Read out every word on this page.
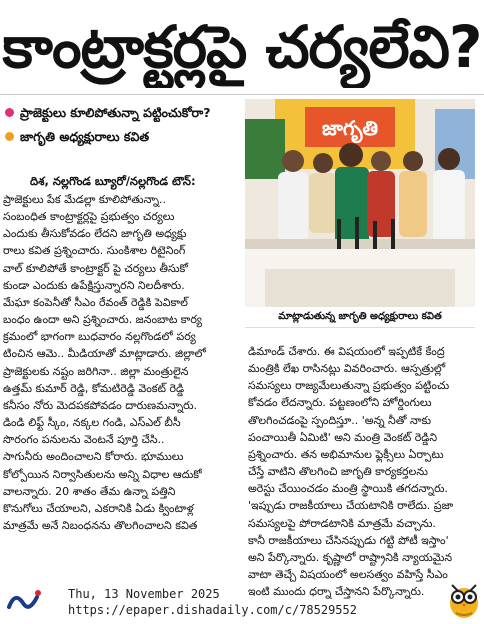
కాంట్రాక్టర్లపై చర్యలేవి?
ప్రాజెక్టులు కూలిపోతున్నా పట్టించుకోరా?
జాగృతి అధ్యక్షురాలు కవిత
దిశ, నల్లగొండ బ్యూరో/నల్లగొండ టౌన్:
ప్రాజెక్టులు పేక మేడల్లా కూలిపోతున్నా..
సంబంధిత కాంట్రాక్టర్లపై ప్రభుత్వం చర్యలు
ఎందుకు తీసుకోవడం లేదని జాగృతి అధ్యక్షు
రాలు కవిత ప్రశ్నించారు. సుంకిశాల రిటైనింగ్
వాల్ కూలిపోతే కాంట్రాక్టర్ పై చర్యలు తీసుకో
కుండా ఎందుకు ఉపేక్షిస్తున్నారని నిలదీశారు.
మేఘా కంపెనీతో సీఎం రేవంత్ రెడ్డికి పెవికాల్
బంధం ఉందా అని ప్రశ్నించారు. జనంబాట కార్య
క్రమంలో భాగంగా బుధవారం నల్లగొండలో పర్య
టించిన ఆమె.. మీడియాతో మాట్లాడారు. జిల్లాలో
ప్రాజెక్టులకు నష్టం జరిగినా.. జిల్లా మంత్రులైన
ఉత్తమ్ కుమార్ రెడ్డి, కోమటిరెడ్డి వెంకట్ రెడ్డి
కనీసం నోరు మెదపకపోవడం దారుణమన్నారు.
డిండి లిఫ్ట్ స్కీం, నక్కల గండి, ఎస్ఎల్ బీసీ
సొరంగం పనులను వెంటనే పూర్తి చేసి..
సాగునీరు అందించాలని కోరారు. భూములు
కోల్పోయిన నిర్వాసితులను అన్ని విధాల ఆదుకో
వాలన్నారు. 20 శాతం తేమ ఉన్నా పత్తిని
కొనుగోలు చేయాలని, ఎకరానికి ఏడు క్వింటాళ్ల
మాత్రమే అనే నిబంధనను తొలగించాలని కవిత
జాగృతి
మాట్లాడుతున్న జాగృతి అధ్యక్షురాలు కవిత
డిమాండ్ చేశారు. ఈ విషయంలో ఇప్పటికే కేంద్ర
మంత్రికి లేఖ రాసినట్లు వివరించారు. ఆస్పత్రుల్లో
సమస్యలు రాజ్యమేలుతున్నా ప్రభుత్వం పట్టించు
కోవడం లేదన్నారు. పట్టణంలోని హోర్డింగులు
తొలగించడంపై స్పందిస్తూ.. 'అన్న నీతో నాకు
పంచాయితీ ఏమిటి' అని మంత్రి వెంకట్ రెడ్డిని
ప్రశ్నించారు. తన అభిమానుల ఫ్లెక్సీలు ఏర్పాటు
చేస్తే వాటిని తొలగించి జాగృతి కార్యకర్తలను
అరెస్టు చేయించడం మంత్రి స్థాయికి తగదన్నారు.
'ఇప్పుడు రాజకీయాలు చేయటానికి రాలేదు. ప్రజా
సమస్యలపై పోరాడటానికి మాత్రమే వచ్చాను.
కానీ రాజకీయాలు చేసినప్పుడు గట్టి పోటీ ఇస్తాం'
అని పేర్కొన్నారు. కృష్ణాలో రాష్ట్రానికి న్యాయమైన
వాటా తెచ్చే విషయంలో అలసత్వం వహిస్తే సీఎం
ఇంటి ముందు ధర్నా చేస్తానని పేర్కొన్నారు.
Thu, 13 November 2025
https://epaper.dishadaily.com/c/78529552
